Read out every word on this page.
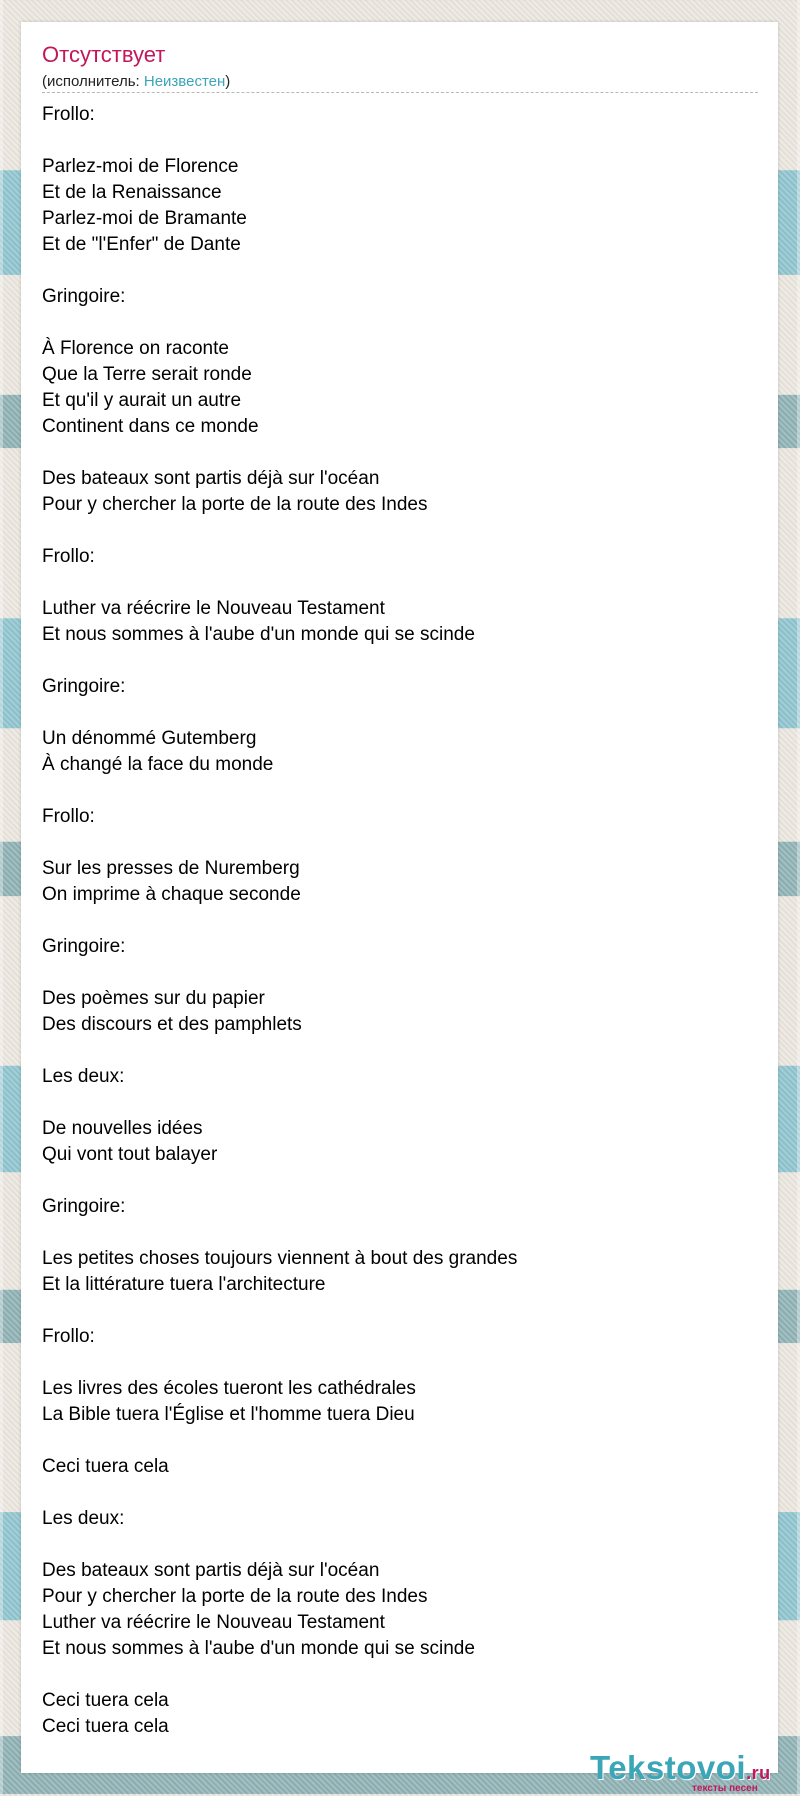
Отсутствует
(исполнитель: Неизвестен)
Frollo:
Parlez-moi de Florence
Et de la Renaissance
Parlez-moi de Bramante
Et de "l'Enfer" de Dante
Gringoire:
À Florence on raconte
Que la Terre serait ronde
Et qu'il y aurait un autre
Continent dans ce monde
Des bateaux sont partis déjà sur l'océan
Pour y chercher la porte de la route des Indes
Frollo:
Luther va réécrire le Nouveau Testament
Et nous sommes à l'aube d'un monde qui se scinde
Gringoire:
Un dénommé Gutemberg
À changé la face du monde
Frollo:
Sur les presses de Nuremberg
On imprime à chaque seconde
Gringoire:
Des poèmes sur du papier
Des discours et des pamphlets
Les deux:
De nouvelles idées
Qui vont tout balayer
Gringoire:
Les petites choses toujours viennent à bout des grandes
Et la littérature tuera l'architecture
Frollo:
Les livres des écoles tueront les cathédrales
La Bible tuera l'Église et l'homme tuera Dieu
Ceci tuera cela
Les deux:
Des bateaux sont partis déjà sur l'océan
Pour y chercher la porte de la route des Indes
Luther va réécrire le Nouveau Testament
Et nous sommes à l'aube d'un monde qui se scinde
Ceci tuera cela
Ceci tuera cela
Tekstovoi.ru
тексты песен
